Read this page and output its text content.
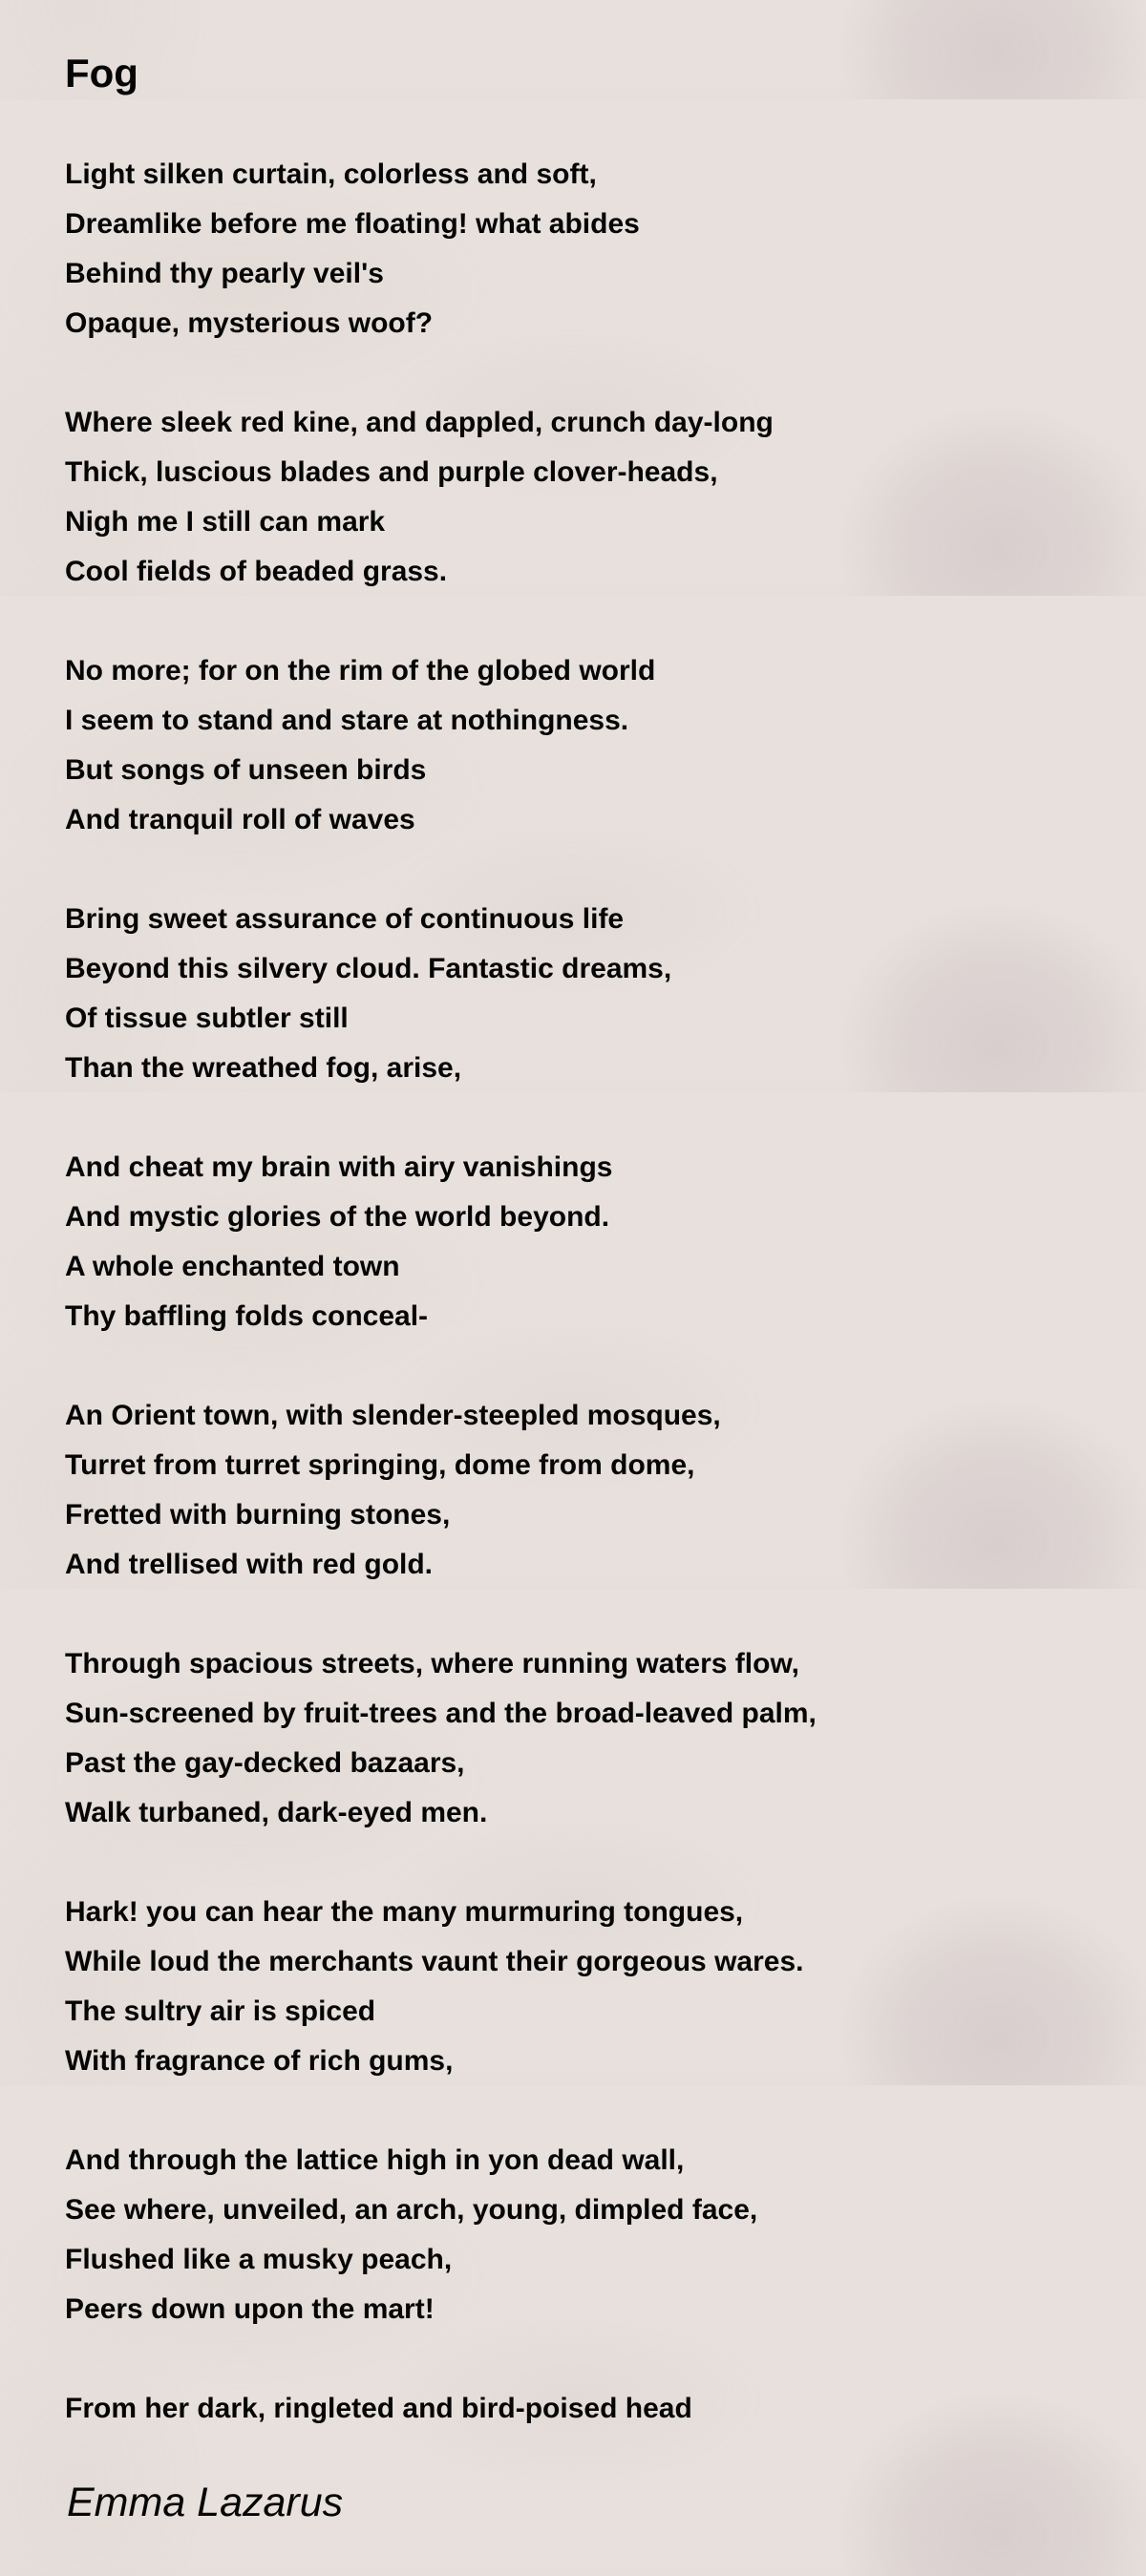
Fog
Light silken curtain, colorless and soft,
Dreamlike before me floating! what abides
Behind thy pearly veil's
Opaque, mysterious woof?
Where sleek red kine, and dappled, crunch day-long
Thick, luscious blades and purple clover-heads,
Nigh me I still can mark
Cool fields of beaded grass.
No more; for on the rim of the globed world
I seem to stand and stare at nothingness.
But songs of unseen birds
And tranquil roll of waves
Bring sweet assurance of continuous life
Beyond this silvery cloud. Fantastic dreams,
Of tissue subtler still
Than the wreathed fog, arise,
And cheat my brain with airy vanishings
And mystic glories of the world beyond.
A whole enchanted town
Thy baffling folds conceal-
An Orient town, with slender-steepled mosques,
Turret from turret springing, dome from dome,
Fretted with burning stones,
And trellised with red gold.
Through spacious streets, where running waters flow,
Sun-screened by fruit-trees and the broad-leaved palm,
Past the gay-decked bazaars,
Walk turbaned, dark-eyed men.
Hark! you can hear the many murmuring tongues,
While loud the merchants vaunt their gorgeous wares.
The sultry air is spiced
With fragrance of rich gums,
And through the lattice high in yon dead wall,
See where, unveiled, an arch, young, dimpled face,
Flushed like a musky peach,
Peers down upon the mart!
From her dark, ringleted and bird-poised head

Emma Lazarus
